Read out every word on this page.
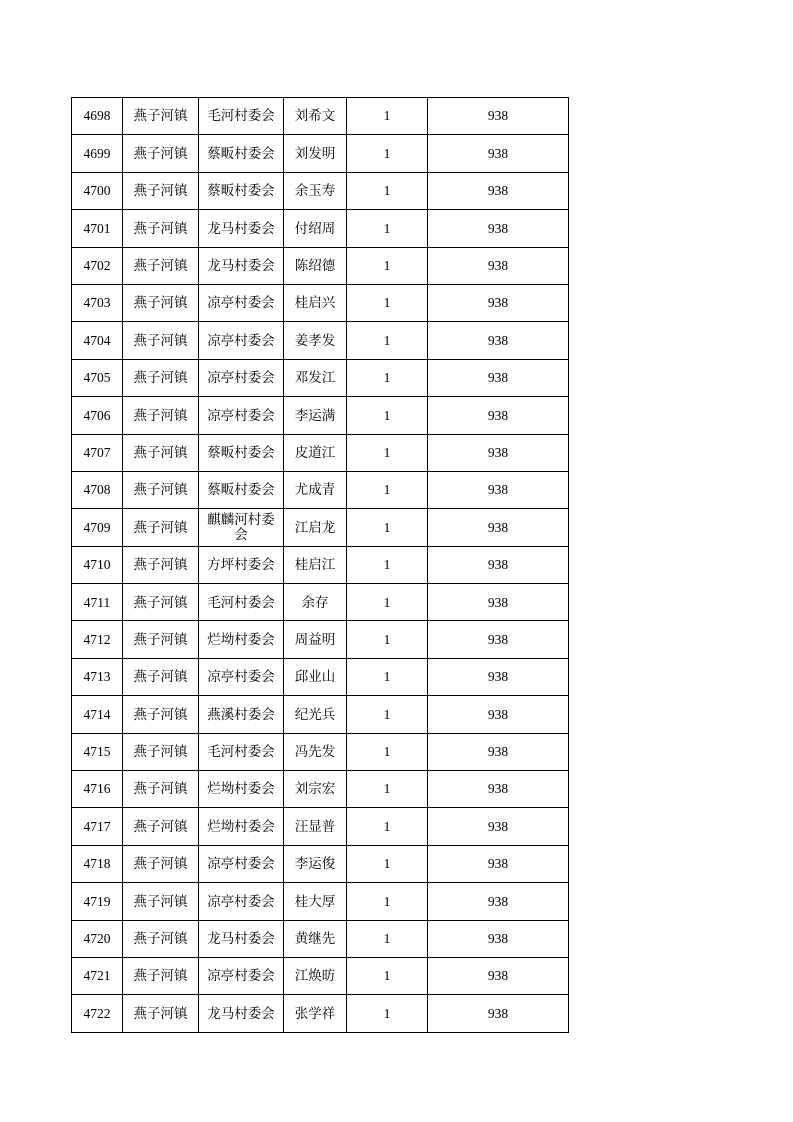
4698	燕子河镇	毛河村委会	刘希文	1	938
4699	燕子河镇	蔡畈村委会	刘发明	1	938
4700	燕子河镇	蔡畈村委会	余玉寿	1	938
4701	燕子河镇	龙马村委会	付绍周	1	938
4702	燕子河镇	龙马村委会	陈绍德	1	938
4703	燕子河镇	凉亭村委会	桂启兴	1	938
4704	燕子河镇	凉亭村委会	姜孝发	1	938
4705	燕子河镇	凉亭村委会	邓发江	1	938
4706	燕子河镇	凉亭村委会	李运满	1	938
4707	燕子河镇	蔡畈村委会	皮道江	1	938
4708	燕子河镇	蔡畈村委会	尤成青	1	938
4709	燕子河镇	麒麟河村委会	江启龙	1	938
4710	燕子河镇	方坪村委会	桂启江	1	938
4711	燕子河镇	毛河村委会	余存	1	938
4712	燕子河镇	烂坳村委会	周益明	1	938
4713	燕子河镇	凉亭村委会	邱业山	1	938
4714	燕子河镇	燕溪村委会	纪光兵	1	938
4715	燕子河镇	毛河村委会	冯先发	1	938
4716	燕子河镇	烂坳村委会	刘宗宏	1	938
4717	燕子河镇	烂坳村委会	汪显普	1	938
4718	燕子河镇	凉亭村委会	李运俊	1	938
4719	燕子河镇	凉亭村委会	桂大厚	1	938
4720	燕子河镇	龙马村委会	黄继先	1	938
4721	燕子河镇	凉亭村委会	江焕昉	1	938
4722	燕子河镇	龙马村委会	张学祥	1	938
